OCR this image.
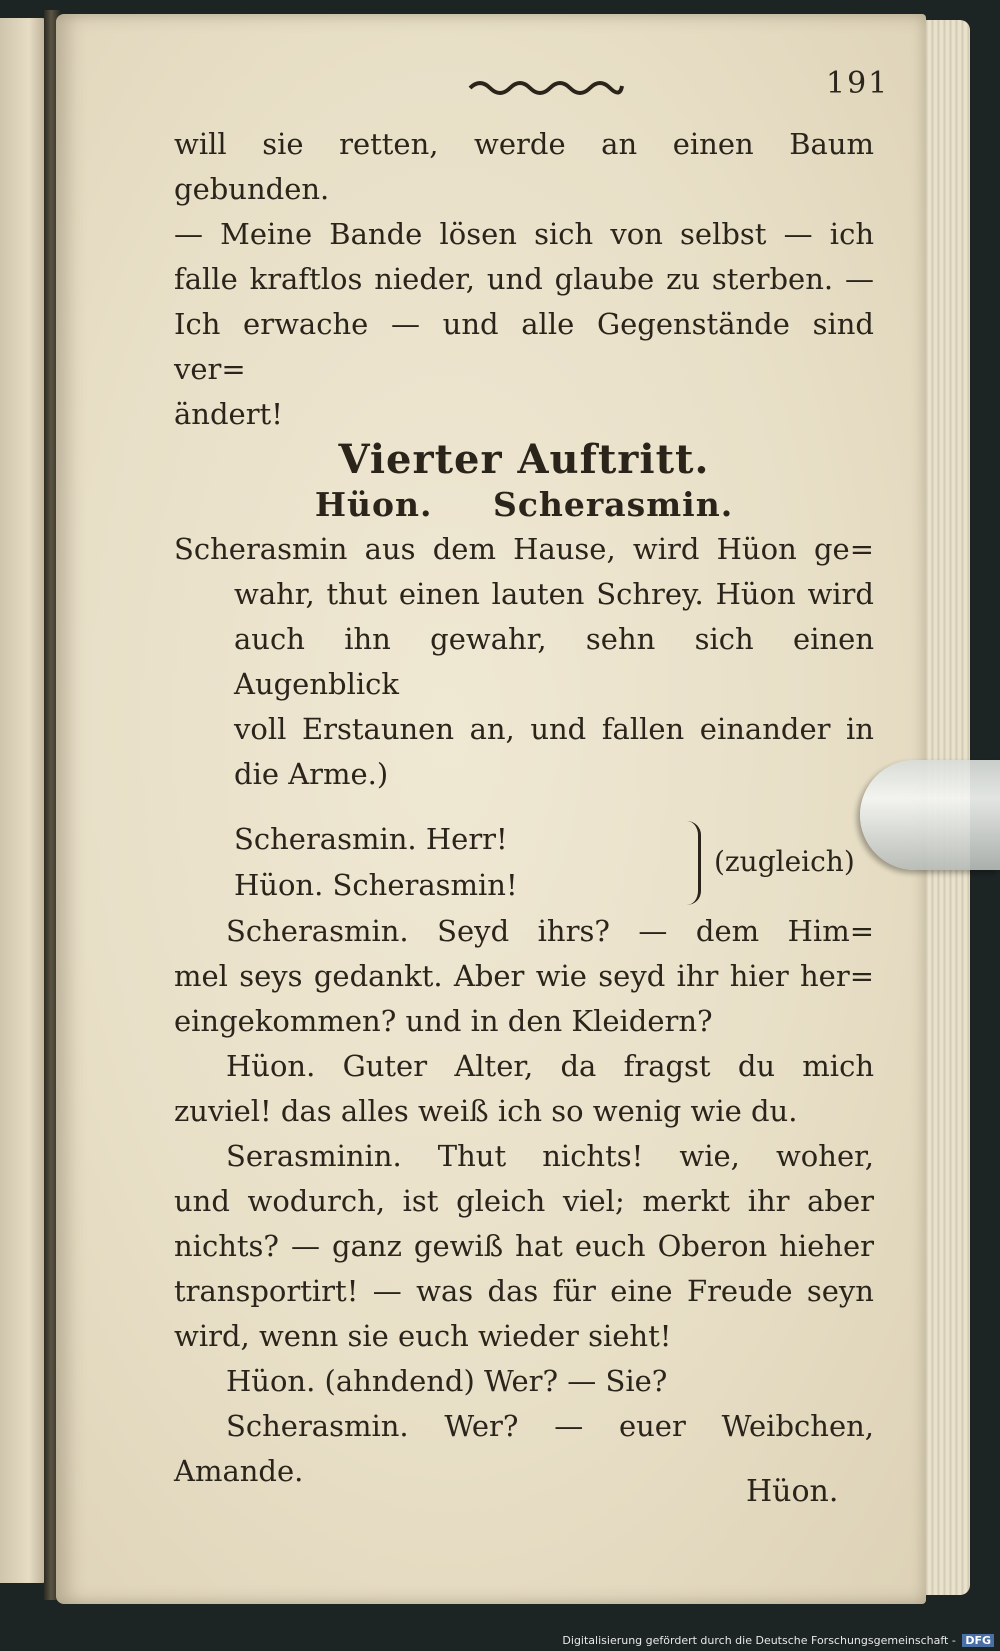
191

will sie retten, werde an einen Baum gebunden.

— Meine Bande lösen sich von selbst — ich

falle kraftlos nieder, und glaube zu sterben. —

Ich erwache — und alle Gegenstände sind ver=

ändert!

Vierter Auftritt.

Hüon. Scherasmin.

Scherasmin aus dem Hause, wird Hüon ge=

wahr, thut einen lauten Schrey. Hüon wird

auch ihn gewahr, sehn sich einen Augenblick

voll Erstaunen an, und fallen einander in

die Arme.)

Scherasmin. Herr!
Hüon. Scherasmin!
(zugleich)

Scherasmin. Seyd ihrs? — dem Him=

mel seys gedankt. Aber wie seyd ihr hier her=

eingekommen? und in den Kleidern?

Hüon. Guter Alter, da fragst du mich

zuviel! das alles weiß ich so wenig wie du.

Serasminin. Thut nichts! wie, woher,

und wodurch, ist gleich viel; merkt ihr aber

nichts? — ganz gewiß hat euch Oberon hieher

transportirt! — was das für eine Freude seyn

wird, wenn sie euch wieder sieht!

Hüon. (ahndend) Wer? — Sie?

Scherasmin. Wer? — euer Weibchen,

Amande.

Hüon.
Digitalisierung gefördert durch die Deutsche Forschungsgemeinschaft - DFG
